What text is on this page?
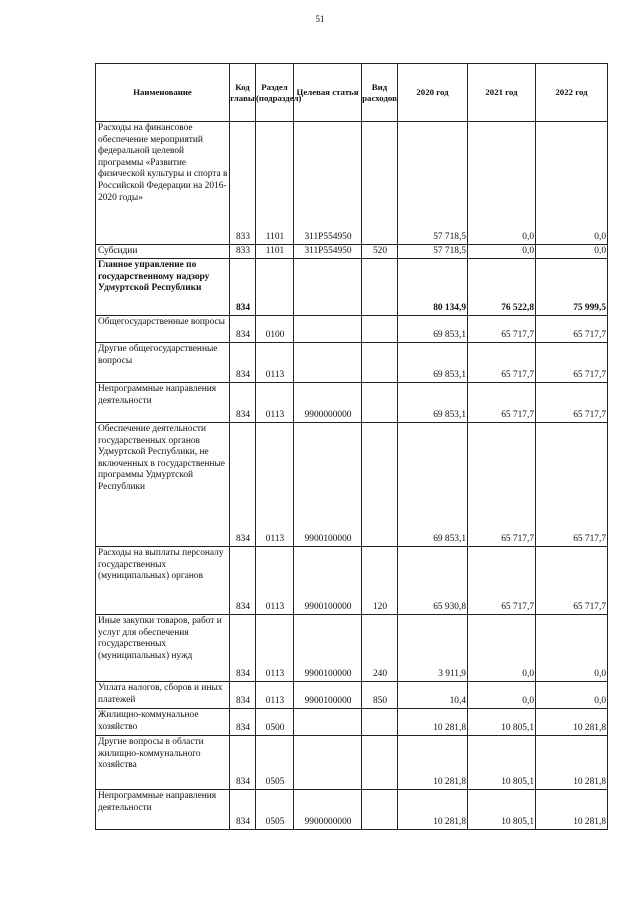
51
Наименование	Код главы	Раздел (подраздел)	Целевая статья	Вид расходов	2020 год	2021 год	2022 год
Расходы на финансовое обеспечение мероприятий федеральной целевой программы «Развитие физической культуры и спорта в Российской Федерации на 2016-2020 годы»	833	1101	311Р554950		57 718,5	0,0	0,0
Субсидии	833	1101	311Р554950	520	57 718,5	0,0	0,0
Главное управление по государственному надзору Удмуртской Республики	834				80 134,9	76 522,8	75 999,5
Общегосударственные вопросы	834	0100			69 853,1	65 717,7	65 717,7
Другие общегосударственные вопросы	834	0113			69 853,1	65 717,7	65 717,7
Непрограммные направления деятельности	834	0113	9900000000		69 853,1	65 717,7	65 717,7
Обеспечение деятельности государственных органов Удмуртской Республики, не включенных в государственные программы Удмуртской Республики	834	0113	9900100000		69 853,1	65 717,7	65 717,7
Расходы на выплаты персоналу государственных (муниципальных) органов	834	0113	9900100000	120	65 930,8	65 717,7	65 717,7
Иные закупки товаров, работ и услуг для обеспечения государственных (муниципальных) нужд	834	0113	9900100000	240	3 911,9	0,0	0,0
Уплата налогов, сборов и иных платежей	834	0113	9900100000	850	10,4	0,0	0,0
Жилищно-коммунальное хозяйство	834	0500			10 281,8	10 805,1	10 281,8
Другие вопросы в области жилищно-коммунального хозяйства	834	0505			10 281,8	10 805,1	10 281,8
Непрограммные направления деятельности	834	0505	9900000000		10 281,8	10 805,1	10 281,8
